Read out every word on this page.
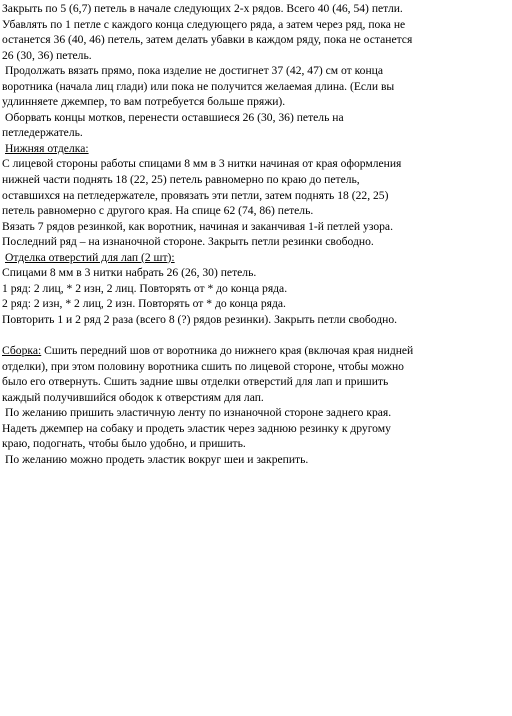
Закрыть по 5 (6,7) петель в начале следующих 2-х рядов. Всего 40 (46, 54) петли.
Убавлять по 1 петле с каждого конца следующего ряда, а затем через ряд, пока не
останется 36 (40, 46) петель, затем делать убавки в каждом ряду, пока не останется
26 (30, 36) петель.
Продолжать вязать прямо, пока изделие не достигнет 37 (42, 47) см от конца
воротника (начала лиц глади) или пока не получится желаемая длина. (Если вы
удлинняете джемпер, то вам потребуется больше пряжи).
Оборвать концы мотков, перенести оставшиеся 26 (30, 36) петель на
петледержатель.
Нижняя отделка:
С лицевой стороны работы спицами 8 мм в 3 нитки начиная от края оформления
нижней части поднять 18 (22, 25) петель равномерно по краю до петель,
оставшихся на петледержателе, провязать эти петли, затем поднять 18 (22, 25)
петель равномерно с другого края. На спице 62 (74, 86) петель.
Вязать 7 рядов резинкой, как воротник, начиная и заканчивая 1-й петлей узора.
Последний ряд – на изнаночной стороне. Закрыть петли резинки свободно.
Отделка отверстий для лап (2 шт):
Спицами 8 мм в 3 нитки набрать 26 (26, 30) петель.
1 ряд: 2 лиц, * 2 изн, 2 лиц. Повторять от * до конца ряда.
2 ряд: 2 изн, * 2 лиц, 2 изн. Повторять от * до конца ряда.
Повторить 1 и 2 ряд 2 раза (всего 8 (?) рядов резинки). Закрыть петли свободно.
Сборка: Сшить передний шов от воротника до нижнего края (включая края нидней
отделки), при этом половину воротника сшить по лицевой стороне, чтобы можно
было его отвернуть. Сшить задние швы отделки отверстий для лап и пришить
каждый получившийся ободок к отверстиям для лап.
По желанию пришить эластичную ленту по изнаночной стороне заднего края.
Надеть джемпер на собаку и продеть эластик через заднюю резинку к другому
краю, подогнать, чтобы было удобно, и пришить.
По желанию можно продеть эластик вокруг шеи и закрепить.
